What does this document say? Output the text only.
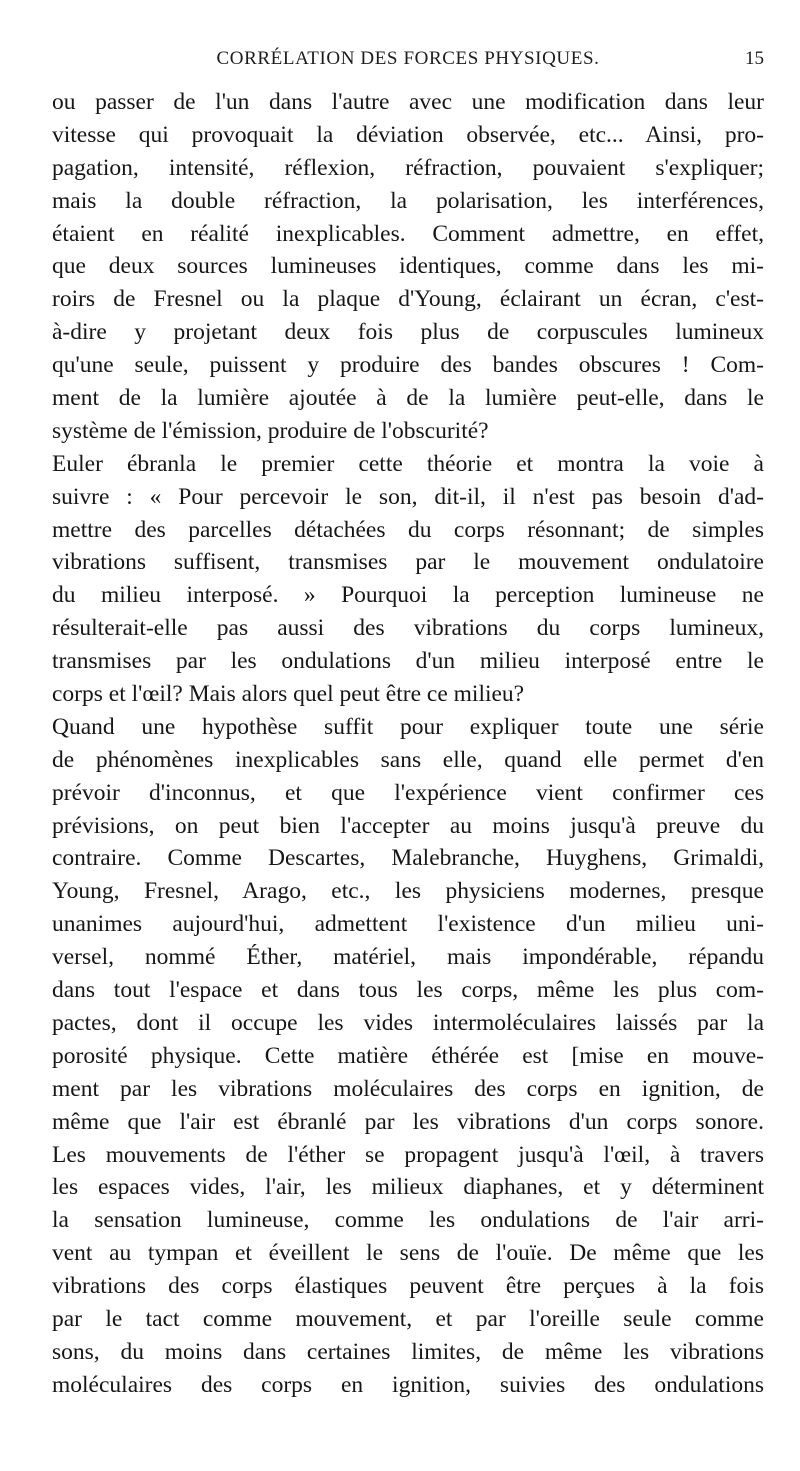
CORRÉLATION DES FORCES PHYSIQUES.	15
ou passer de l'un dans l'autre avec une modification dans leur
vitesse qui provoquait la déviation observée, etc... Ainsi, pro-
pagation, intensité, réflexion, réfraction, pouvaient s'expliquer;
mais la double réfraction, la polarisation, les interférences,
étaient en réalité inexplicables. Comment admettre, en effet,
que deux sources lumineuses identiques, comme dans les mi-
roirs de Fresnel ou la plaque d'Young, éclairant un écran, c'est-
à-dire y projetant deux fois plus de corpuscules lumineux
qu'une seule, puissent y produire des bandes obscures ! Com-
ment de la lumière ajoutée à de la lumière peut-elle, dans le
système de l'émission, produire de l'obscurité?
Euler ébranla le premier cette théorie et montra la voie à
suivre : « Pour percevoir le son, dit-il, il n'est pas besoin d'ad-
mettre des parcelles détachées du corps résonnant; de simples
vibrations suffisent, transmises par le mouvement ondulatoire
du milieu interposé. » Pourquoi la perception lumineuse ne
résulterait-elle pas aussi des vibrations du corps lumineux,
transmises par les ondulations d'un milieu interposé entre le
corps et l'œil? Mais alors quel peut être ce milieu?
Quand une hypothèse suffit pour expliquer toute une série
de phénomènes inexplicables sans elle, quand elle permet d'en
prévoir d'inconnus, et que l'expérience vient confirmer ces
prévisions, on peut bien l'accepter au moins jusqu'à preuve du
contraire. Comme Descartes, Malebranche, Huyghens, Grimaldi,
Young, Fresnel, Arago, etc., les physiciens modernes, presque
unanimes aujourd'hui, admettent l'existence d'un milieu uni-
versel, nommé Éther, matériel, mais impondérable, répandu
dans tout l'espace et dans tous les corps, même les plus com-
pactes, dont il occupe les vides intermoléculaires laissés par la
porosité physique. Cette matière éthérée est [mise en mouve-
ment par les vibrations moléculaires des corps en ignition, de
même que l'air est ébranlé par les vibrations d'un corps sonore.
Les mouvements de l'éther se propagent jusqu'à l'œil, à travers
les espaces vides, l'air, les milieux diaphanes, et y déterminent
la sensation lumineuse, comme les ondulations de l'air arri-
vent au tympan et éveillent le sens de l'ouïe. De même que les
vibrations des corps élastiques peuvent être perçues à la fois
par le tact comme mouvement, et par l'oreille seule comme
sons, du moins dans certaines limites, de même les vibrations
moléculaires des corps en ignition, suivies des ondulations
